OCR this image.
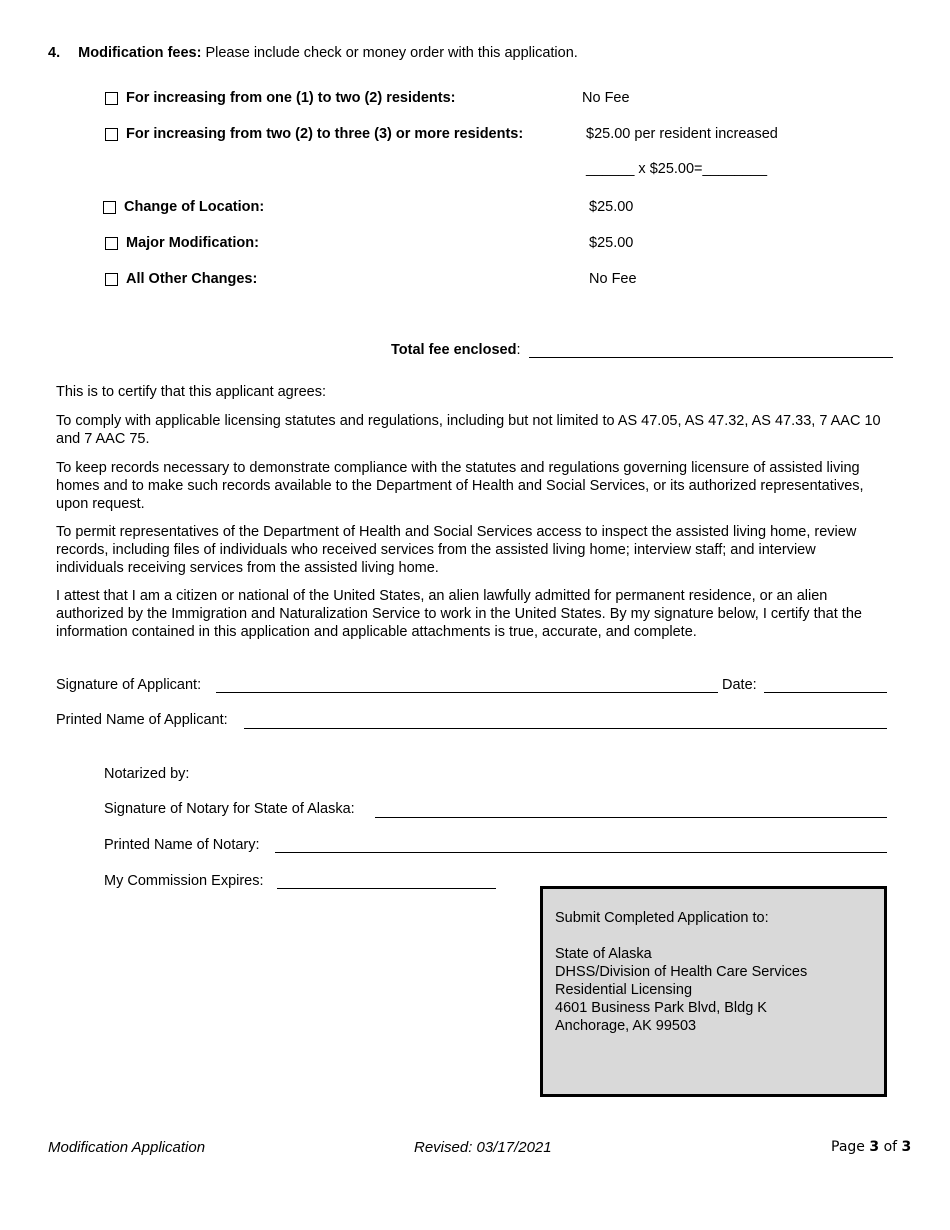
4. Modification fees: Please include check or money order with this application.
For increasing from one (1) to two (2) residents:	No Fee
For increasing from two (2) to three (3) or more residents:	$25.00 per resident increased
______ x $25.00=________
Change of Location:	$25.00
Major Modification:	$25.00
All Other Changes:	No Fee
Total fee enclosed:
This is to certify that this applicant agrees:
To comply with applicable licensing statutes and regulations, including but not limited to AS 47.05, AS 47.32, AS 47.33, 7 AAC 10 and 7 AAC 75.
To keep records necessary to demonstrate compliance with the statutes and regulations governing licensure of assisted living homes and to make such records available to the Department of Health and Social Services, or its authorized representatives, upon request.
To permit representatives of the Department of Health and Social Services access to inspect the assisted living home, review records, including files of individuals who received services from the assisted living home; interview staff; and interview individuals receiving services from the assisted living home.
I attest that I am a citizen or national of the United States, an alien lawfully admitted for permanent residence, or an alien authorized by the Immigration and Naturalization Service to work in the United States. By my signature below, I certify that the information contained in this application and applicable attachments is true, accurate, and complete.
Signature of Applicant:	Date:
Printed Name of Applicant:
Notarized by:
Signature of Notary for State of Alaska:
Printed Name of Notary:
My Commission Expires:
Submit Completed Application to:
State of Alaska
DHSS/Division of Health Care Services
Residential Licensing
4601 Business Park Blvd, Bldg K
Anchorage, AK 99503
Modification Application	Revised: 03/17/2021	Page 3 of 3
